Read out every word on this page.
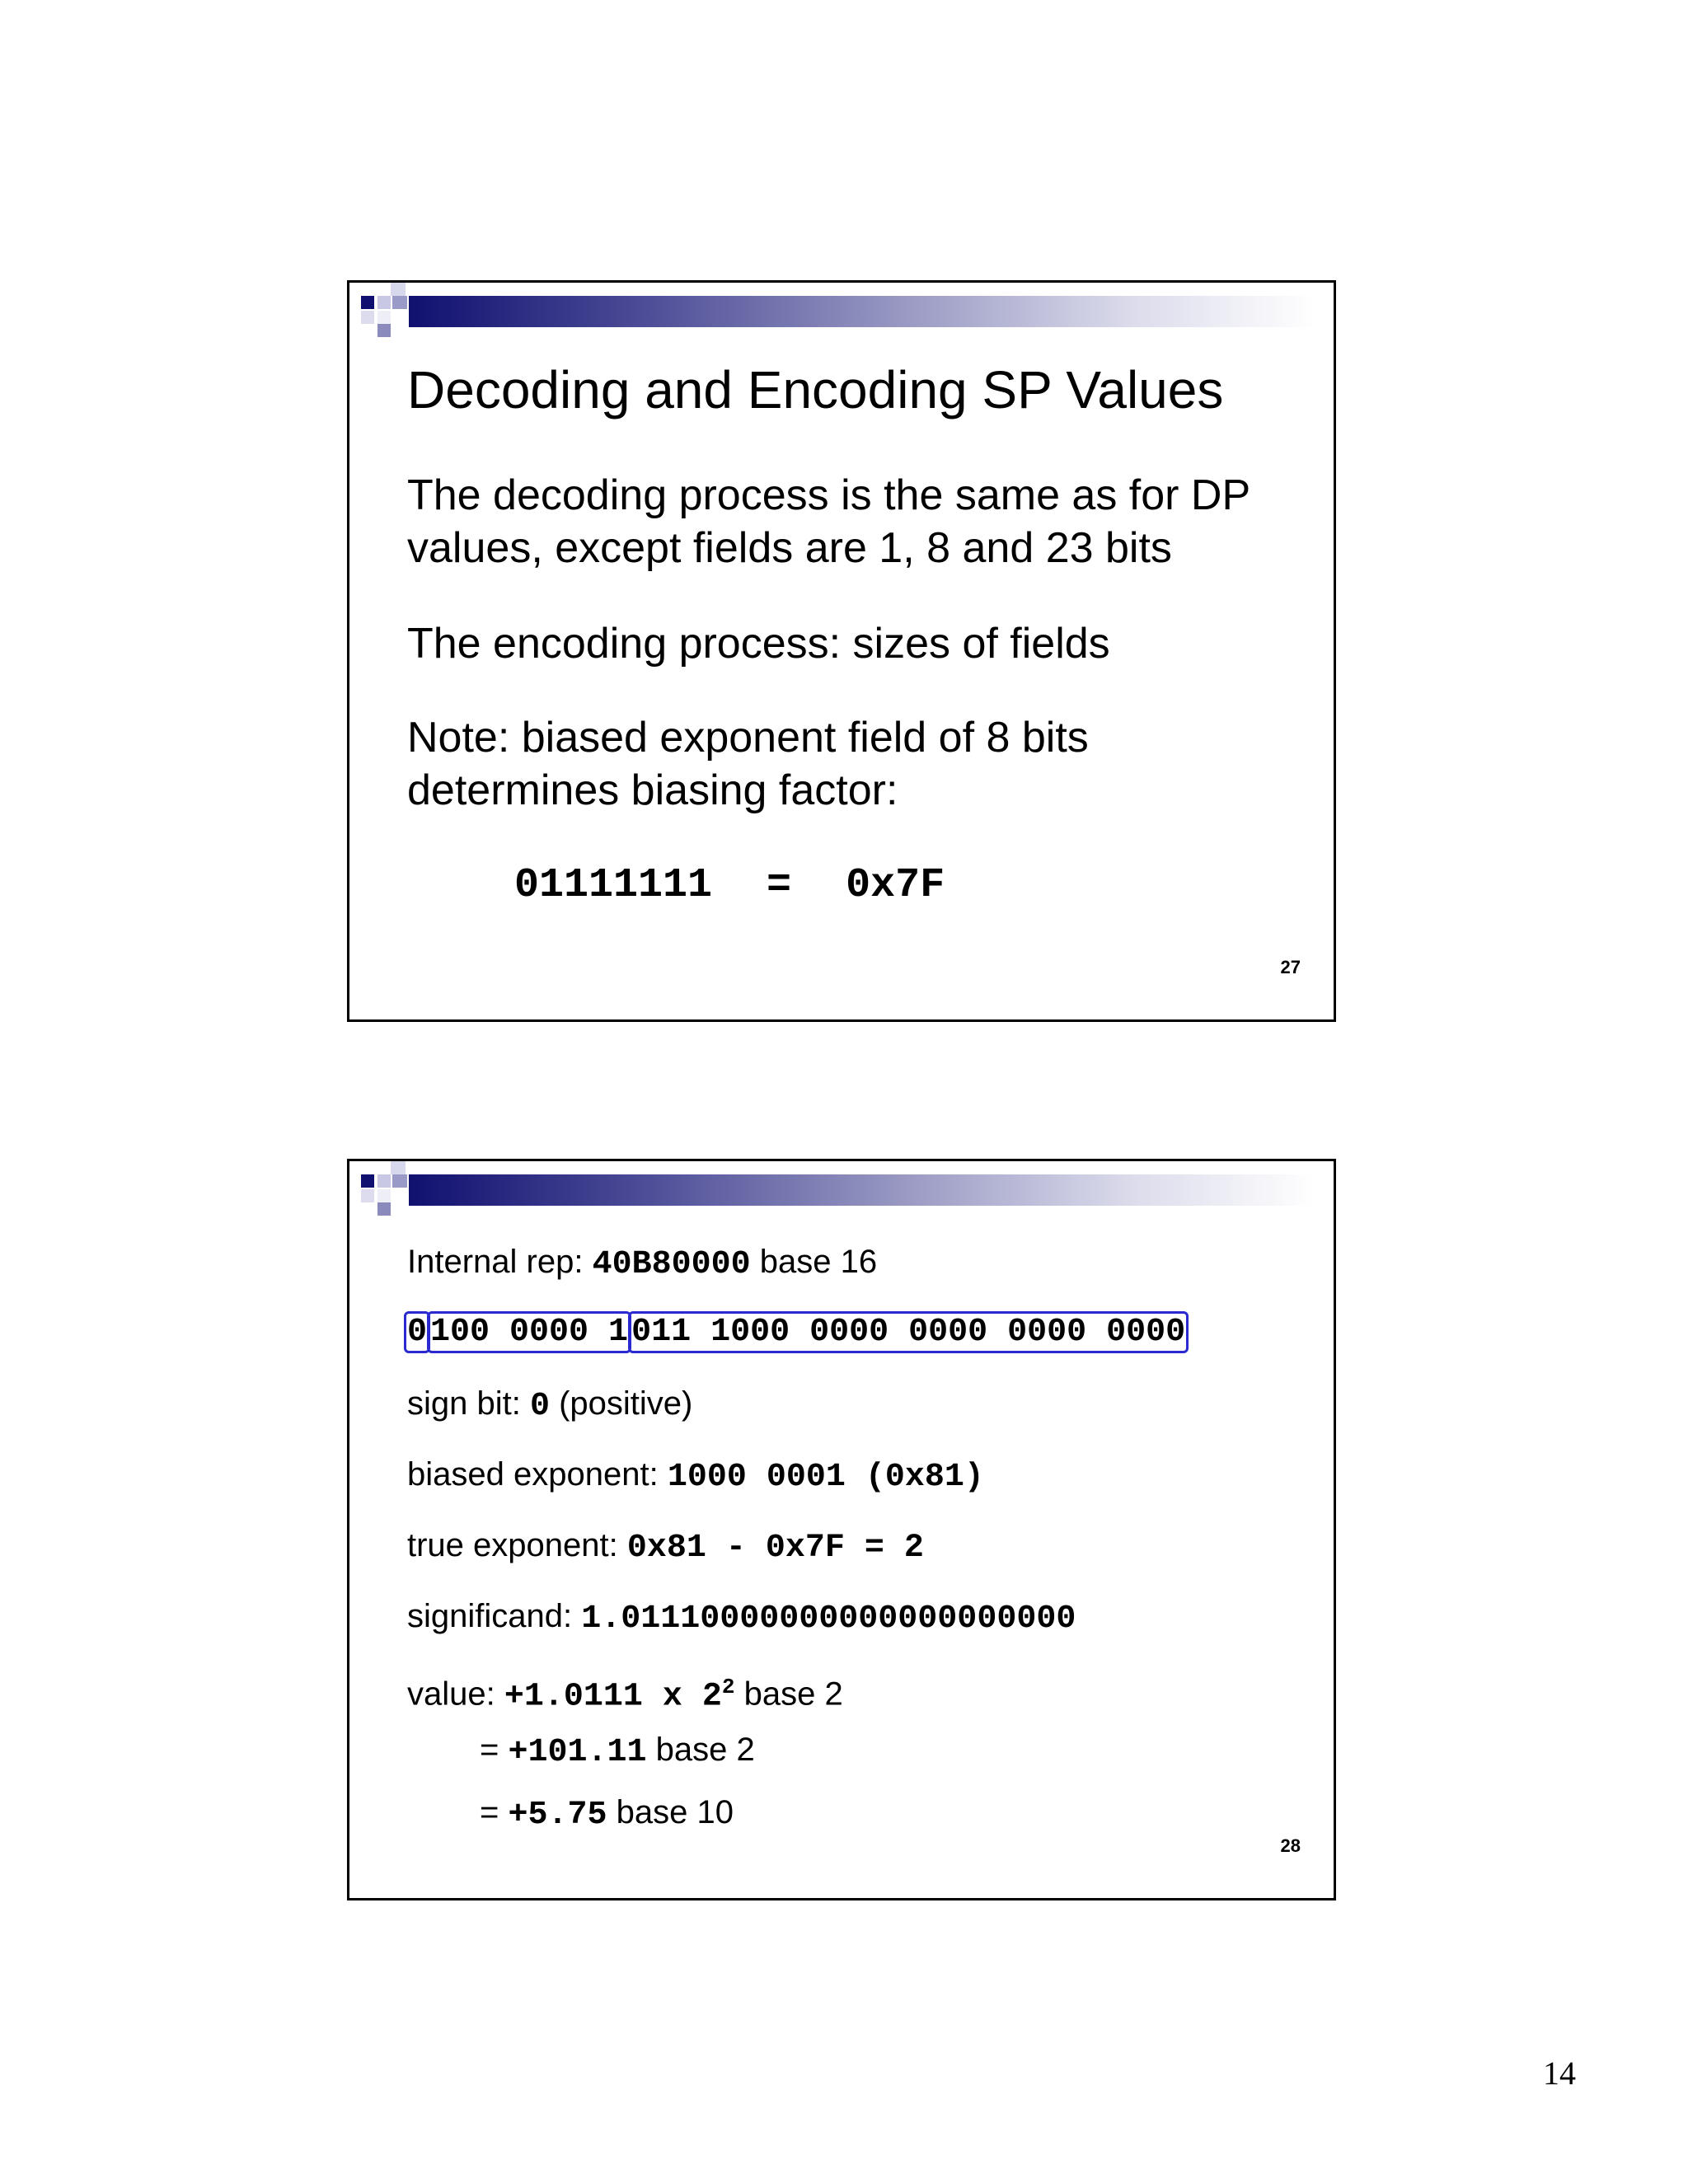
Decoding and Encoding SP Values
The decoding process is the same as for DP
values, except fields are 1, 8 and 23 bits
The encoding process: sizes of fields
Note: biased exponent field of 8 bits
determines biasing factor:
01111111 = 0x7F
27
Internal rep: 40B80000 base 16
0 100 0000 1 011 1000 0000 0000 0000 0000
sign bit: 0 (positive)
biased exponent: 1000 0001 (0x81)
true exponent: 0x81 - 0x7F = 2
significand: 1.01110000000000000000000
value: +1.0111 x $2^2$ base 2
= +101.11 base 2
= +5.75 base 10
28
14
